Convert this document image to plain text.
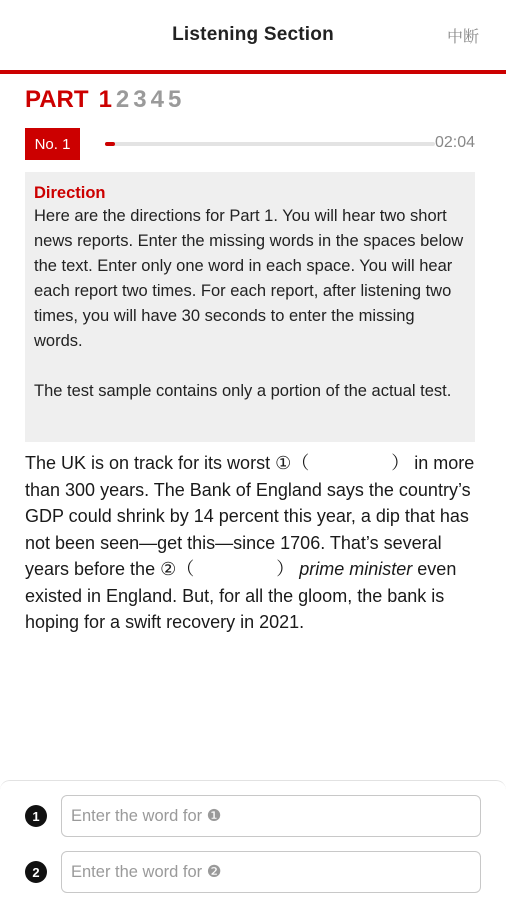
Listening Section	中断
PART 1 2 3 4 5
No. 1	02:04
Direction
Here are the directions for Part 1. You will hear two short news reports. Enter the missing words in the spaces below the text. Enter only one word in each space. You will hear each report two times. For each report, after listening two times, you will have 30 seconds to enter the missing words.
The test sample contains only a portion of the actual test.
The UK is on track for its worst ①（	） in more than 300 years. The Bank of England says the country’s GDP could shrink by 14 percent this year, a dip that has not been seen—get this—since 1706. That’s several years before the ②（	） prime minister even existed in England. But, for all the gloom, the bank is hoping for a swift recovery in 2021.
1
Enter the word for ❶
2
Enter the word for ❷
